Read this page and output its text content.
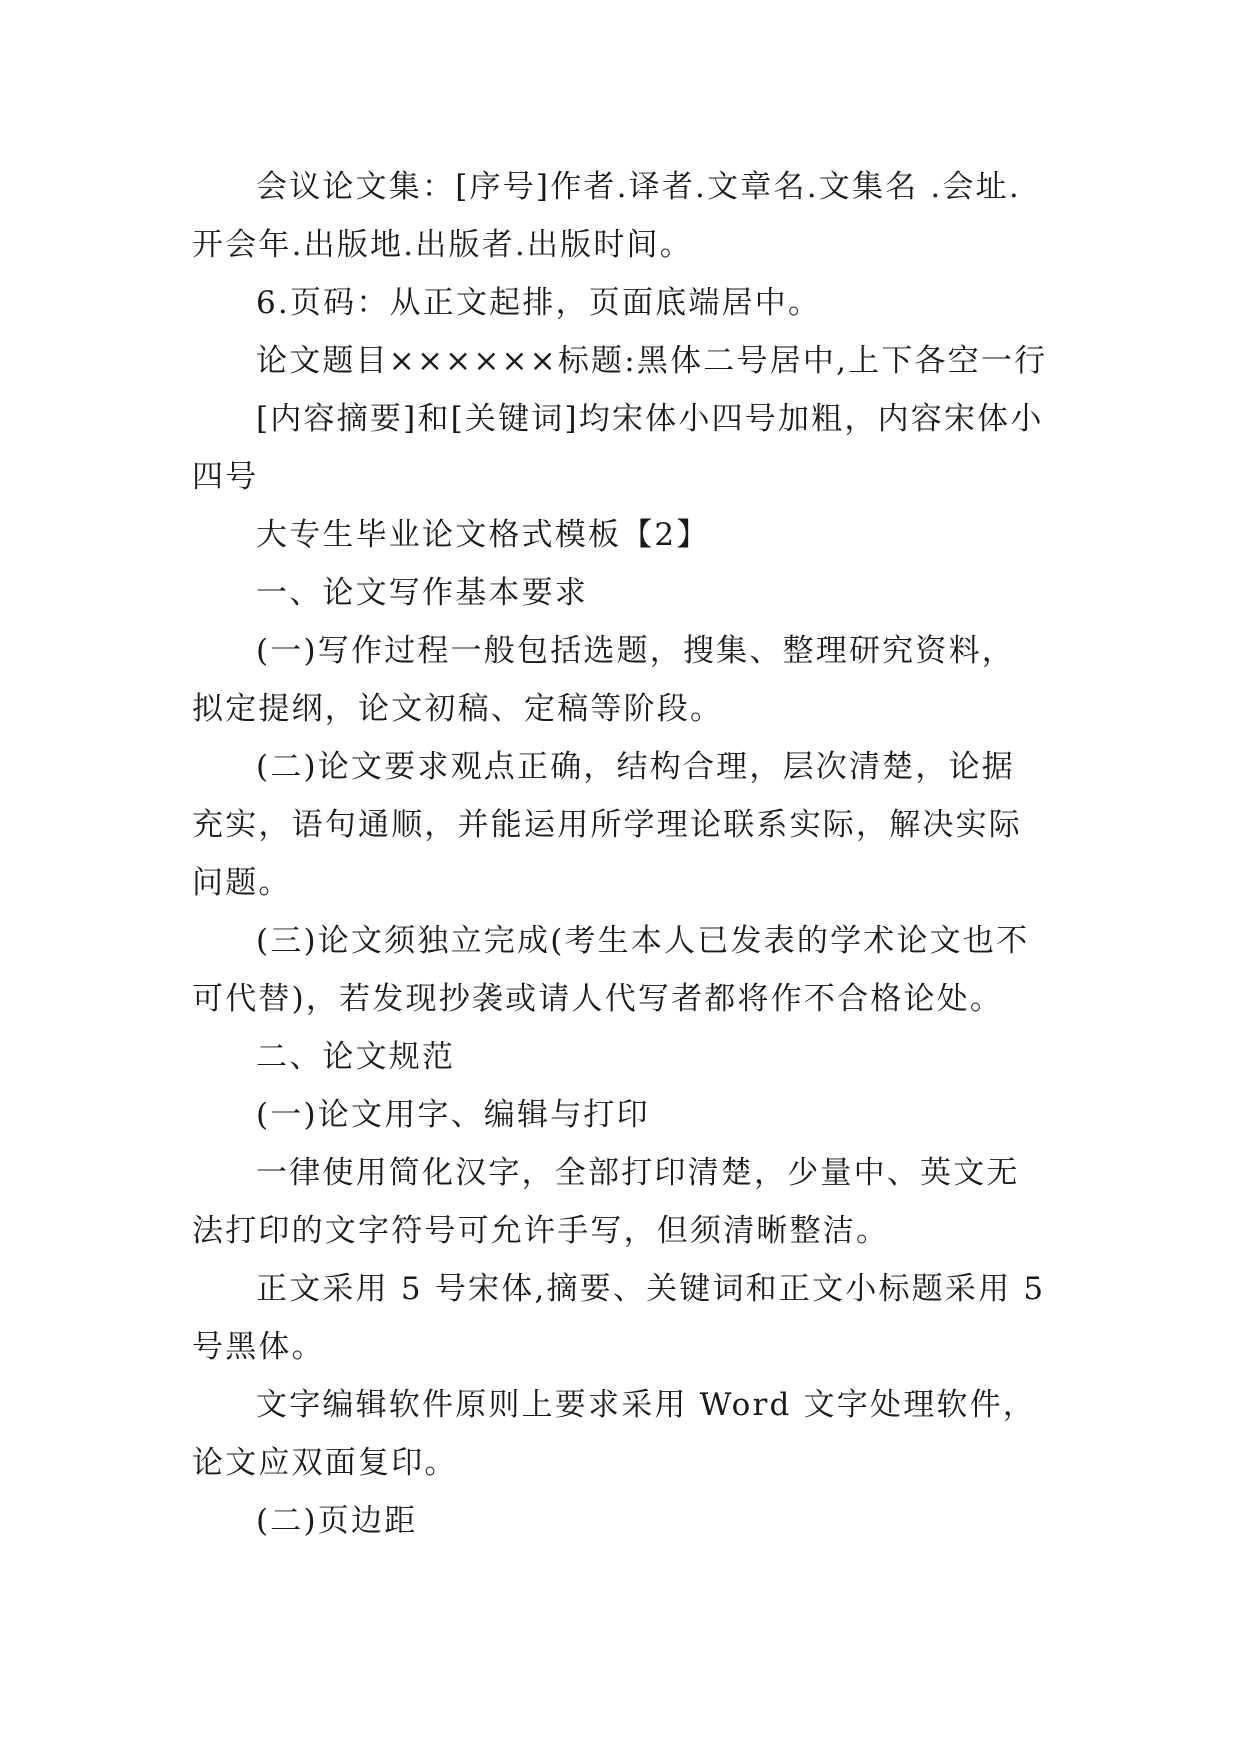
会议论文集：[序号]作者.译者.文章名.文集名 .会址.开会年.出版地.出版者.出版时间。

6.页码：从正文起排，页面底端居中。

论文题目××××××标题:黑体二号居中,上下各空一行

[内容摘要]和[关键词]均宋体小四号加粗，内容宋体小四号

大专生毕业论文格式模板【2】

一、论文写作基本要求

(一)写作过程一般包括选题，搜集、整理研究资料，拟定提纲，论文初稿、定稿等阶段。

(二)论文要求观点正确，结构合理，层次清楚，论据充实，语句通顺，并能运用所学理论联系实际，解决实际问题。

(三)论文须独立完成(考生本人已发表的学术论文也不可代替)，若发现抄袭或请人代写者都将作不合格论处。

二、论文规范

(一)论文用字、编辑与打印

一律使用简化汉字，全部打印清楚，少量中、英文无法打印的文字符号可允许手写，但须清晰整洁。

正文采用 5 号宋体,摘要、关键词和正文小标题采用 5 号黑体。

文字编辑软件原则上要求采用 Word 文字处理软件，论文应双面复印。

(二)页边距
